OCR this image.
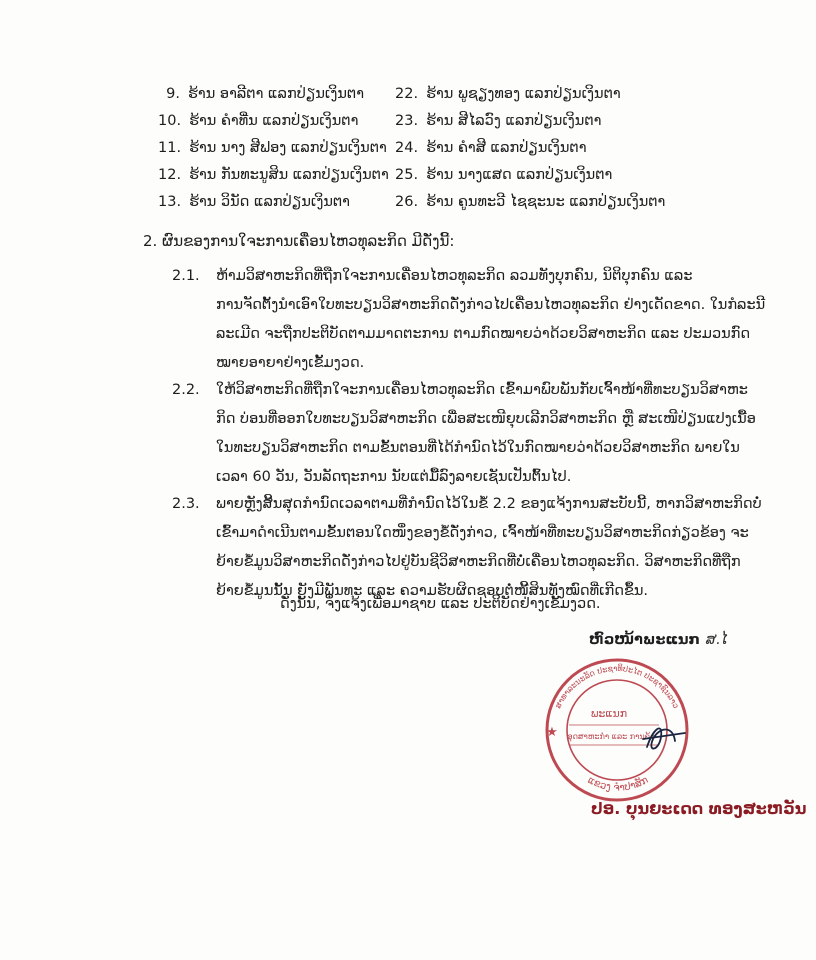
9. ຮ້ານ ອາລີຕາ ແລກປ່ຽນເງິນຕາ
10. ຮ້ານ ຄໍາທີ່ນ ແລກປ່ຽນເງິນຕາ
11. ຮ້ານ ນາງ ສີຟອງ ແລກປ່ຽນເງິນຕາ
12. ຮ້ານ ກັນທະນູສິນ ແລກປ່ຽນເງິນຕາ
13. ຮ້ານ ວິນັດ ແລກປ່ຽນເງິນຕາ
22. ຮ້ານ ພູຊຽງທອງ ແລກປ່ຽນເງິນຕາ
23. ຮ້ານ ສີໄລວົງ ແລກປ່ຽນເງິນຕາ
24. ຮ້ານ ຄໍາສີ ແລກປ່ຽນເງິນຕາ
25. ຮ້ານ ນາງແສດ ແລກປ່ຽນເງິນຕາ
26. ຮ້ານ ຄູນທະວີ ໄຊຊະນະ ແລກປ່ຽນເງິນຕາ
2. ຜົນຂອງການໃຈະການເຄື່ອນໄຫວທຸລະກິດ ມີດັ່ງນີ້:
2.1. ຫ້າມວິສາຫະກິດທີ່ຖືກໃຈະການເຄື່ອນໄຫວທຸລະກິດ ລວມທັງບຸກຄົນ, ນິຕິບຸກຄົນ ແລະ
ການຈັດຕັ້ງນໍາເອົາໃບທະບຽນວິສາຫະກິດດັ່ງກ່າວໄປເຄື່ອນໄຫວທຸລະກິດ ຢ່າງເດັດຂາດ. ໃນກໍລະນີ
ລະເມີດ ຈະຖືກປະຕິບັດຕາມມາດຕະການ ຕາມກົດໝາຍວ່າດ້ວຍວິສາຫະກິດ ແລະ ປະມວນກົດ
ໝາຍອາຍາຢ່າງເຂັ້ມງວດ.
2.2. ໃຫ້ວິສາຫະກິດທີ່ຖືກໃຈະການເຄື່ອນໄຫວທຸລະກິດ ເຂົ້າມາພົບພັນກັບເຈົ້າໜ້າທີ່ທະບຽນວິສາຫະ
ກິດ ບ່ອນທີ່ອອກໃບທະບຽນວິສາຫະກິດ ເພື່ອສະເໜີຍຸບເລີກວິສາຫະກິດ ຫຼື ສະເໜີປ່ຽນແປງເນື້ອ
ໃນທະບຽນວິສາຫະກິດ ຕາມຂັ້ນຕອນທີ່ໄດ້ກໍານົດໄວ້ໃນກົດໝາຍວ່າດ້ວຍວິສາຫະກິດ ພາຍໃນ
ເວລາ 60 ວັນ, ວັນລັດຖະການ ນັບແຕ່ມື້ລົງລາຍເຊັນເປັນຕົ້ນໄປ.
2.3. ພາຍຫຼັງສິ້ນສຸດກໍານົດເວລາຕາມທີ່ກໍານົດໄວ້ໃນຂໍ້ 2.2 ຂອງແຈ້ງການສະບັບນີ້, ຫາກວິສາຫະກິດບໍ່
ເຂົ້າມາດໍາເນີນຕາມຂັ້ນຕອນໃດໜຶ່ງຂອງຂໍ້ດັ່ງກ່າວ, ເຈົ້າໜ້າທີ່ທະບຽນວິສາຫະກິດກ່ຽວຂ້ອງ ຈະ
ຍ້າຍຂໍ້ມູນວິສາຫະກິດດັ່ງກ່າວໄປຢູ່ບັນຊີວິສາຫະກິດທີ່ບໍ່ເຄື່ອນໄຫວທຸລະກິດ. ວິສາຫະກິດທີ່ຖືກ
ຍ້າຍຂໍ້ມູນນັ້ນ ຍັງມີພັນທະ ແລະ ຄວາມຮັບຜິດຊອບຕໍ່ໜີ້ສິນທັງໝົດທີ່ເກີດຂຶ້ນ.
ດັ່ງນັ້ນ, ຈຶ່ງແຈ້ງເພື່ອມາຊາບ ແລະ ປະຕິບັດຢ່າງເຂັ້ມງວດ.
ຫົວໜ້າພະແນກ ສ.ໄ
ສາທາລະນະລັດ ປະຊາທິປະໄຕ ປະຊາຊົນລາວ
ແຂວງ ຈໍາປາສັກ
ພະແນກ
ອຸດສາຫະກໍາ ແລະ ການຄ້າ
★
ປອ. ບຸນຍະເດດ ທອງສະຫວັນ
